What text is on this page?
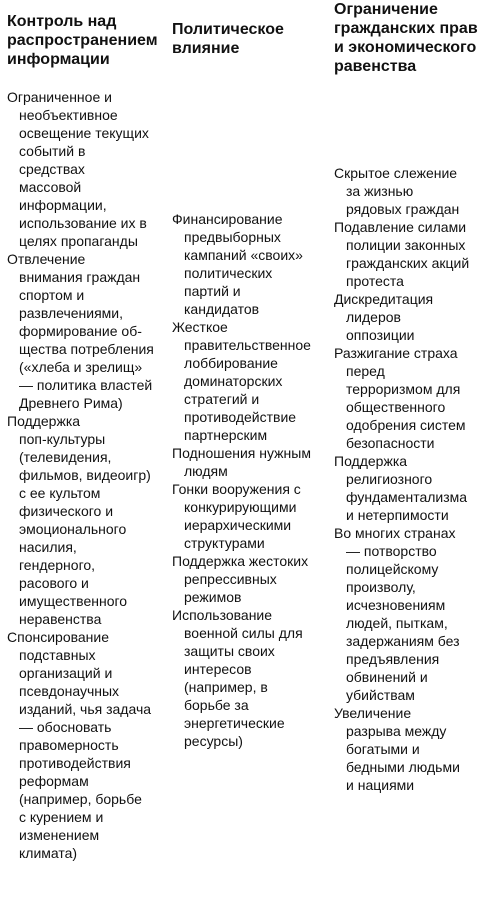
Контроль над
распространением
информации

Ограниченное и
необъективное
освещение текущих
событий в
средствах
массовой
информации,
использование их в
целях пропаганды

Отвлечение
внимания граждан
спортом и
развлечениями,
формирование об-
щества потребления
(«хлеба и зрелищ»
— политика властей
Древнего Рима)

Поддержка
поп-культуры
(телевидения,
фильмов, видеоигр)
с ее культом
физического и
эмоционального
насилия,
гендерного,
расового и
имущественного
неравенства

Спонсирование
подставных
организаций и
псевдонаучных
изданий, чья задача
— обосновать
правомерность
противодействия
реформам
(например, борьбе
с курением и
изменением
климата)

Политическое
влияние

Финансирование
предвыборных
кампаний «своих»
политических
партий и
кандидатов

Жесткое
правительственное
лоббирование
доминаторских
стратегий и
противодействие
партнерским

Подношения нужным
людям

Гонки вооружения с
конкурирующими
иерархическими
структурами

Поддержка жестоких
репрессивных
режимов

Использование
военной силы для
защиты своих
интересов
(например, в
борьбе за
энергетические
ресурсы)

Ограничение
гражданских прав
и экономического
равенства

Скрытое слежение
за жизнью
рядовых граждан

Подавление силами
полиции законных
гражданских акций
протеста

Дискредитация
лидеров
оппозиции

Разжигание страха
перед
терроризмом для
общественного
одобрения систем
безопасности

Поддержка
религиозного
фундаментализма
и нетерпимости

Во многих странах
— потворство
полицейскому
произволу,
исчезновениям
людей, пыткам,
задержаниям без
предъявления
обвинений и
убийствам

Увеличение
разрыва между
богатыми и
бедными людьми
и нациями
